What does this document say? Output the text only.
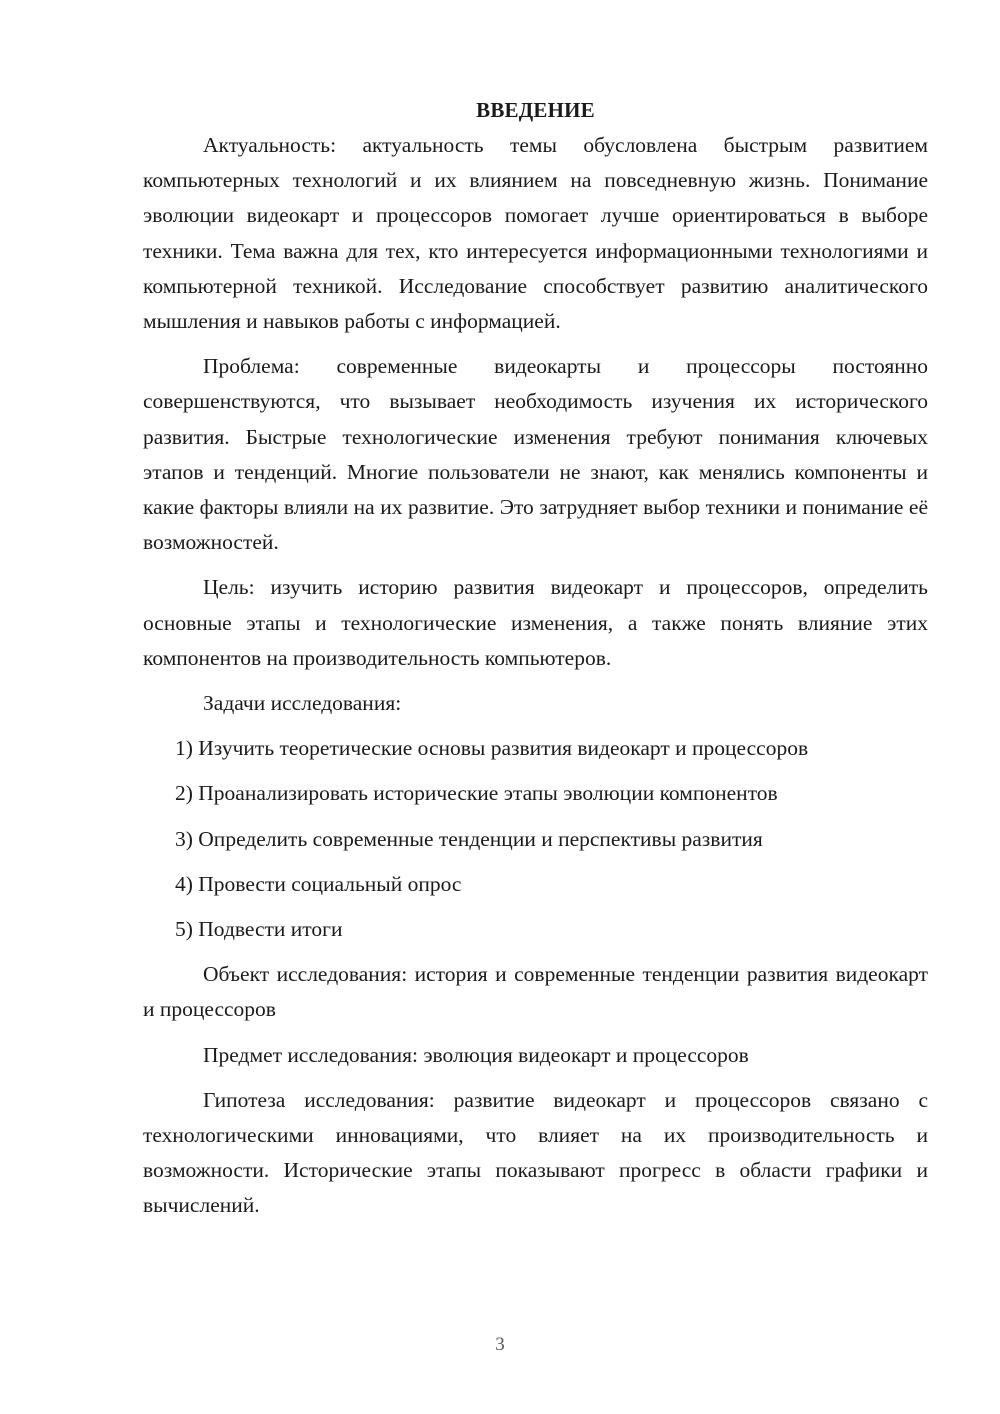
ВВЕДЕНИЕ

Актуальность: актуальность темы обусловлена быстрым развитием компьютерных технологий и их влиянием на повседневную жизнь. Понимание эволюции видеокарт и процессоров помогает лучше ориентироваться в выборе техники. Тема важна для тех, кто интересуется информационными технологиями и компьютерной техникой. Исследование способствует развитию аналитического мышления и навыков работы с информацией.

Проблема: современные видеокарты и процессоры постоянно совершенствуются, что вызывает необходимость изучения их исторического развития. Быстрые технологические изменения требуют понимания ключевых этапов и тенденций. Многие пользователи не знают, как менялись компоненты и какие факторы влияли на их развитие. Это затрудняет выбор техники и понимание её возможностей.

Цель: изучить историю развития видеокарт и процессоров, определить основные этапы и технологические изменения, а также понять влияние этих компонентов на производительность компьютеров.

Задачи исследования:

1) Изучить теоретические основы развития видеокарт и процессоров

2) Проанализировать исторические этапы эволюции компонентов

3) Определить современные тенденции и перспективы развития

4) Провести социальный опрос

5) Подвести итоги

Объект исследования: история и современные тенденции развития видеокарт и процессоров

Предмет исследования: эволюция видеокарт и процессоров

Гипотеза исследования: развитие видеокарт и процессоров связано с технологическими инновациями, что влияет на их производительность и возможности. Исторические этапы показывают прогресс в области графики и вычислений.

3
